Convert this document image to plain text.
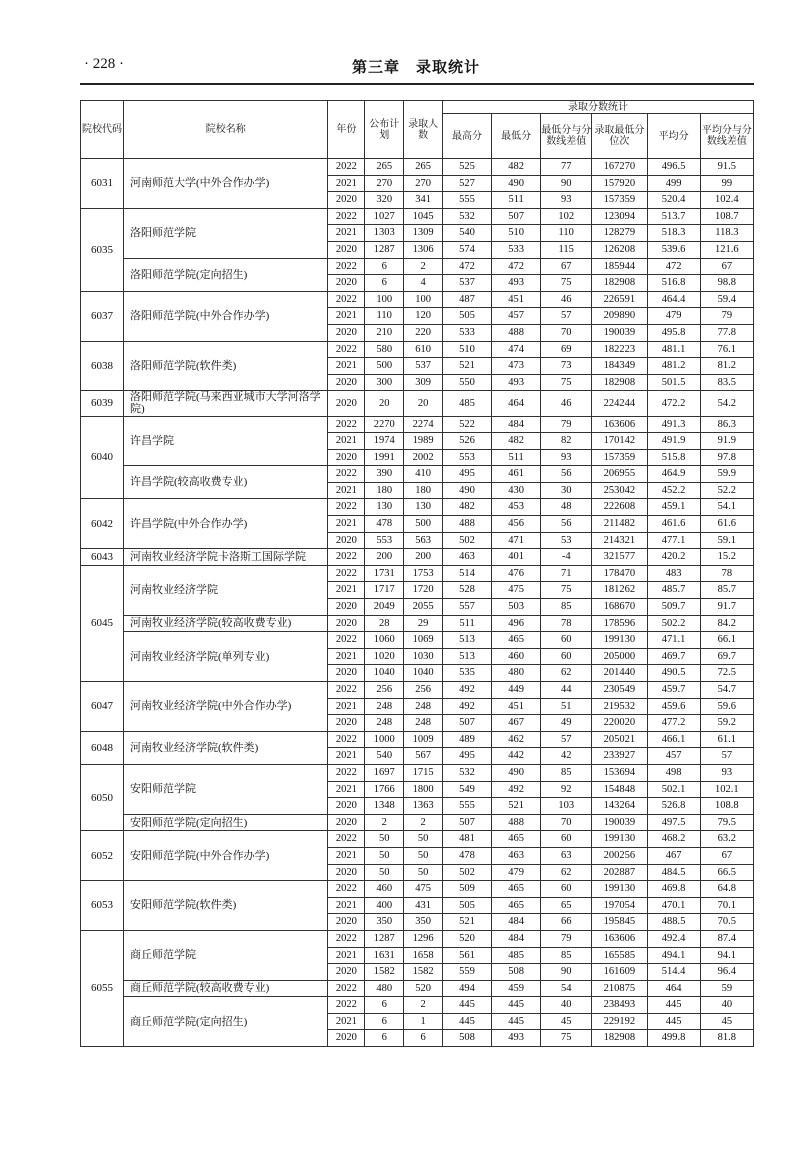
· 228 ·	第三章　录取统计
院校代码	院校名称	年份	公布计划	录取人数	录取分数统计					
					最高分	最低分	最低分与分数线差值	录取最低分位次	平均分	平均分与分数线差值
6031	河南师范大学(中外合作办学)	2022	265	265	525	482	77	167270	496.5	91.5
		2021	270	270	527	490	90	157920	499	99
		2020	320	341	555	511	93	157359	520.4	102.4
6035	洛阳师范学院	2022	1027	1045	532	507	102	123094	513.7	108.7
		2021	1303	1309	540	510	110	128279	518.3	118.3
		2020	1287	1306	574	533	115	126208	539.6	121.6
	洛阳师范学院(定向招生)	2022	6	2	472	472	67	185944	472	67
		2020	6	4	537	493	75	182908	516.8	98.8
6037	洛阳师范学院(中外合作办学)	2022	100	100	487	451	46	226591	464.4	59.4
		2021	110	120	505	457	57	209890	479	79
		2020	210	220	533	488	70	190039	495.8	77.8
6038	洛阳师范学院(软件类)	2022	580	610	510	474	69	182223	481.1	76.1
		2021	500	537	521	473	73	184349	481.2	81.2
		2020	300	309	550	493	75	182908	501.5	83.5
6039	洛阳师范学院(马来西亚城市大学河洛学院)	2020	20	20	485	464	46	224244	472.2	54.2
6040	许昌学院	2022	2270	2274	522	484	79	163606	491.3	86.3
		2021	1974	1989	526	482	82	170142	491.9	91.9
		2020	1991	2002	553	511	93	157359	515.8	97.8
	许昌学院(较高收费专业)	2022	390	410	495	461	56	206955	464.9	59.9
		2021	180	180	490	430	30	253042	452.2	52.2
6042	许昌学院(中外合作办学)	2022	130	130	482	453	48	222608	459.1	54.1
		2021	478	500	488	456	56	211482	461.6	61.6
		2020	553	563	502	471	53	214321	477.1	59.1
6043	河南牧业经济学院卡洛斯工国际学院	2022	200	200	463	401	-4	321577	420.2	15.2
6045	河南牧业经济学院	2022	1731	1753	514	476	71	178470	483	78
		2021	1717	1720	528	475	75	181262	485.7	85.7
		2020	2049	2055	557	503	85	168670	509.7	91.7
	河南牧业经济学院(较高收费专业)	2020	28	29	511	496	78	178596	502.2	84.2
	河南牧业经济学院(单列专业)	2022	1060	1069	513	465	60	199130	471.1	66.1
		2021	1020	1030	513	460	60	205000	469.7	69.7
		2020	1040	1040	535	480	62	201440	490.5	72.5
6047	河南牧业经济学院(中外合作办学)	2022	256	256	492	449	44	230549	459.7	54.7
		2021	248	248	492	451	51	219532	459.6	59.6
		2020	248	248	507	467	49	220020	477.2	59.2
6048	河南牧业经济学院(软件类)	2022	1000	1009	489	462	57	205021	466.1	61.1
		2021	540	567	495	442	42	233927	457	57
6050	安阳师范学院	2022	1697	1715	532	490	85	153694	498	93
		2021	1766	1800	549	492	92	154848	502.1	102.1
		2020	1348	1363	555	521	103	143264	526.8	108.8
	安阳师范学院(定向招生)	2020	2	2	507	488	70	190039	497.5	79.5
6052	安阳师范学院(中外合作办学)	2022	50	50	481	465	60	199130	468.2	63.2
		2021	50	50	478	463	63	200256	467	67
		2020	50	50	502	479	62	202887	484.5	66.5
6053	安阳师范学院(软件类)	2022	460	475	509	465	60	199130	469.8	64.8
		2021	400	431	505	465	65	197054	470.1	70.1
		2020	350	350	521	484	66	195845	488.5	70.5
6055	商丘师范学院	2022	1287	1296	520	484	79	163606	492.4	87.4
		2021	1631	1658	561	485	85	165585	494.1	94.1
		2020	1582	1582	559	508	90	161609	514.4	96.4
	商丘师范学院(较高收费专业)	2022	480	520	494	459	54	210875	464	59
	商丘师范学院(定向招生)	2022	6	2	445	445	40	238493	445	40
		2021	6	1	445	445	45	229192	445	45
		2020	6	6	508	493	75	182908	499.8	81.8
